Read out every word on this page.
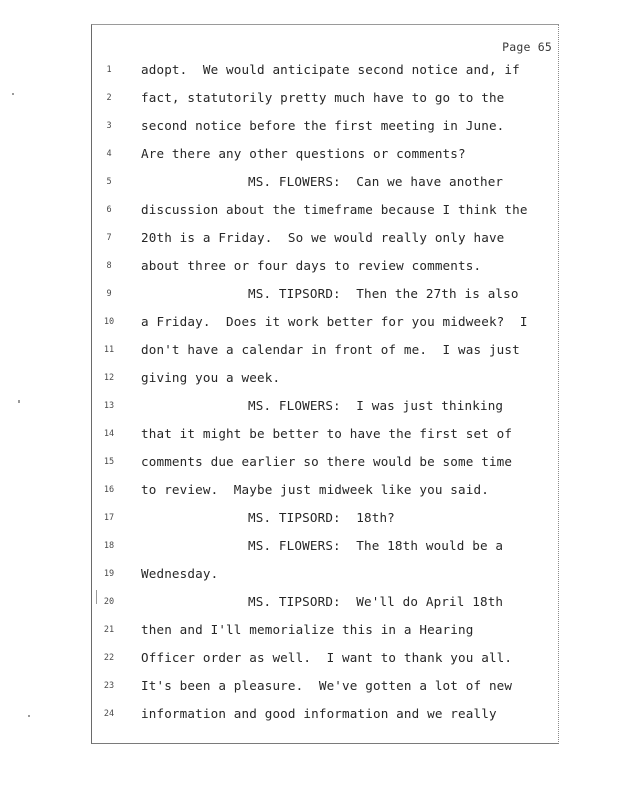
Page 65
1	adopt.  We would anticipate second notice and, if
2	fact, statutorily pretty much have to go to the
3	second notice before the first meeting in June.
4	Are there any other questions or comments?
5	MS. FLOWERS:  Can we have another
6	discussion about the timeframe because I think the
7	20th is a Friday.  So we would really only have
8	about three or four days to review comments.
9	MS. TIPSORD:  Then the 27th is also
10	a Friday.  Does it work better for you midweek?  I
11	don't have a calendar in front of me.  I was just
12	giving you a week.
13	MS. FLOWERS:  I was just thinking
14	that it might be better to have the first set of
15	comments due earlier so there would be some time
16	to review.  Maybe just midweek like you said.
17	MS. TIPSORD:  18th?
18	MS. FLOWERS:  The 18th would be a
19	Wednesday.
20	MS. TIPSORD:  We'll do April 18th
21	then and I'll memorialize this in a Hearing
22	Officer order as well.  I want to thank you all.
23	It's been a pleasure.  We've gotten a lot of new
24	information and good information and we really
